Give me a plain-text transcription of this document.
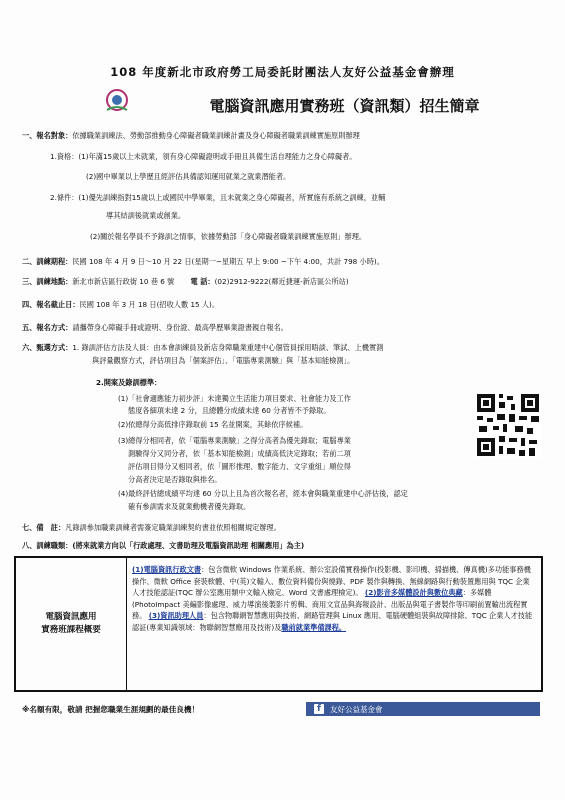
108 年度新北市政府勞工局委託財團法人友好公益基金會辦理
電腦資訊應用實務班（資訊類）招生簡章
一、報名對象：依據職業訓練法、勞動部推動身心障礙者職業訓練計畫及身心障礙者職業訓練實施原則辦理
1.資格：(1)年滿15歲以上未就業，領有身心障礙證明或手冊且具備生活自理能力之身心障礙者。
(2)國中畢業以上學歷且經評估具備認知運用就業之就業潛能者。
2.條件：(1)優先訓練指對15歲以上或國民中學畢業，且未就業之身心障礙者，所實施有系統之訓練，並輔
導其結訓後就業或創業。
(2)關於報名學員不予錄訓之情事，依據勞動部「身心障礙者職業訓練實施原則」辦理。
二、訓練期程：民國 108 年 4 月 9 日～10 月 22 日(星期一~星期五 早上 9:00 ~下午 4:00，共計 798 小時)。
三、訓練地點：新北市新店區行政街 10 巷 6 號 電 話：(02)2912-9222(鄰近捷運-新店區公所站)
四、報名截止日：民國 108 年 3 月 18 日(招收人數 15 人)。
五、報名方式：請攜帶身心障礙手冊或證明、身份證、最高學歷畢業證書親自報名。
六、甄選方式：1. 錄訓評估方法及人員：由本會訓練員及新店身障職業重建中心個管員採用晤談、筆試、上機實測
與評量觀察方式，評估項目為「個案評估」、「電腦專業測驗」與「基本知能檢測」。
2.開案及錄訓標準：
(1)「社會適應能力初步評」未達獨立生活能力項目要求、社會能力及工作
態度各細項未達 2 分，且總體分成績未達 60 分者皆不予錄取。
(2)依總得分高低排序錄取前 15 名並開案，其餘依序候補。
(3)總得分相同者，依「電腦專業測驗」之得分高者為優先錄取；電腦專業
測驗得分又同分者，依「基本知能檢測」成績高低決定錄取；若前二項
評估項目得分又相同者，依「圖形推理、數字能力、文字重組」順位得
分高者決定是否錄取與排名。
(4)最終評估總成績平均達 60 分以上且為首次報名者，經本會與職業重建中心評估後，認定
確有參訓需求及就業動機者優先錄取。
七、備　註：凡錄訓參加職業訓練者需簽定職業訓練契約書並依照相關規定辦理。
八、訓練職類：(將來就業方向以「行政處理、文書助理及電腦資訊助理 相關應用」為主)
電腦資訊應用
實務班課程概要
(1)電腦資訊行政文書：包含微軟 Windows 作業系統、辦公室設備實務操作(投影機、影印機、掃描機、傳真機)多功能事務機操作、微軟 Office 套裝軟體、中(英)文輸入、數位資料備份與燒錄、PDF 製作與轉換、無線網路與行動裝置應用與 TQC 企業人才技能認証(TQC 辦公室應用類中文輸入檢定、Word 文書處理檢定)。 (2)影音多媒體設計與數位典藏：多媒體(PhotoImpact 美編影像處理、威力導演後製影片剪輯、商用文宣品與海報設計、出版品與電子書製作等印刷前置輸出流程實務。 (3)資訊助理人員：包含物聯網智慧應用與技術、網路管理與 Linux 應用、電腦硬體組裝與故障排除、TQC 企業人才技能認証(專業知識領域：物聯網智慧應用及技術)及職前就業準備課程。
※名額有限，敬請 把握您職業生涯規劃的最佳良機！	f	友好公益基金會
